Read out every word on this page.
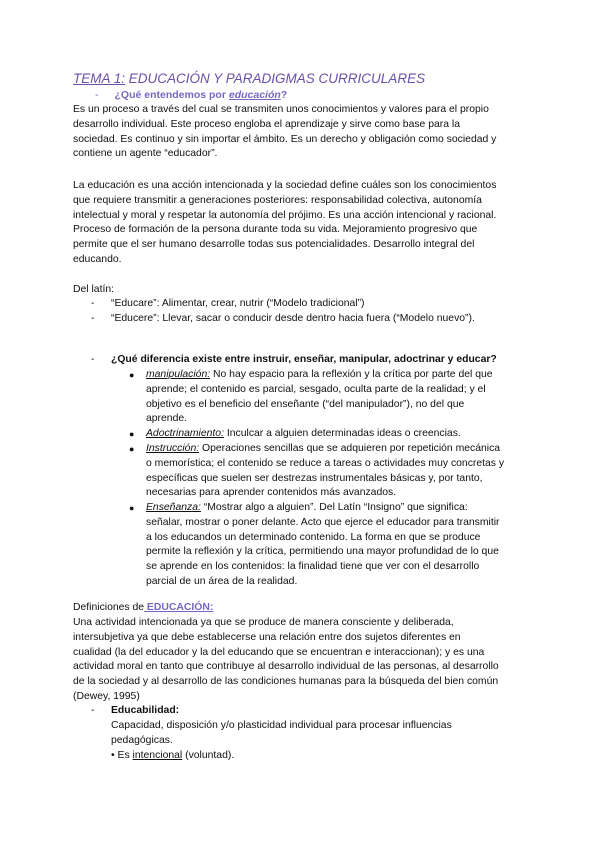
TEMA 1: EDUCACIÓN Y PARADIGMAS CURRICULARES
- ¿Qué entendemos por educación?
Es un proceso a través del cual se transmiten unos conocimientos y valores para el propio
desarrollo individual. Este proceso engloba el aprendizaje y sirve como base para la
sociedad. Es continuo y sin importar el ámbito. Es un derecho y obligación como sociedad y
contiene un agente “educador”.
La educación es una acción intencionada y la sociedad define cuáles son los conocimientos
que requiere transmitir a generaciones posteriores: responsabilidad colectiva, autonomía
intelectual y moral y respetar la autonomía del prójimo. Es una acción intencional y racional.
Proceso de formación de la persona durante toda su vida. Mejoramiento progresivo que
permite que el ser humano desarrolle todas sus potencialidades. Desarrollo integral del
educando.
Del latín:
- “Educare”: Alimentar, crear, nutrir (“Modelo tradicional”)
- “Educere”: Llevar, sacar o conducir desde dentro hacia fuera (“Modelo nuevo”).
- ¿Qué diferencia existe entre instruir, enseñar, manipular, adoctrinar y educar?
● manipulación: No hay espacio para la reflexión y la crítica por parte del que
aprende; el contenido es parcial, sesgado, oculta parte de la realidad; y el
objetivo es el beneficio del enseñante (“del manipulador”), no del que
aprende.
● Adoctrinamiento: Inculcar a alguien determinadas ideas o creencias.
● Instrucción: Operaciones sencillas que se adquieren por repetición mecánica
o memorística; el contenido se reduce a tareas o actividades muy concretas y
específicas que suelen ser destrezas instrumentales básicas y, por tanto,
necesarias para aprender contenidos más avanzados.
● Enseñanza: “Mostrar algo a alguien”. Del Latín “Insigno” que significa:
señalar, mostrar o poner delante. Acto que ejerce el educador para transmitir
a los educandos un determinado contenido. La forma en que se produce
permite la reflexión y la crítica, permitiendo una mayor profundidad de lo que
se aprende en los contenidos: la finalidad tiene que ver con el desarrollo
parcial de un área de la realidad.
Definiciones de EDUCACIÓN:
Una actividad intencionada ya que se produce de manera consciente y deliberada,
intersubjetiva ya que debe establecerse una relación entre dos sujetos diferentes en
cualidad (la del educador y la del educando que se encuentran e interaccionan); y es una
actividad moral en tanto que contribuye al desarrollo individual de las personas, al desarrollo
de la sociedad y al desarrollo de las condiciones humanas para la búsqueda del bien común
(Dewey, 1995)
- Educabilidad:
Capacidad, disposición y/o plasticidad individual para procesar influencias
pedagógicas.
• Es intencional (voluntad).
